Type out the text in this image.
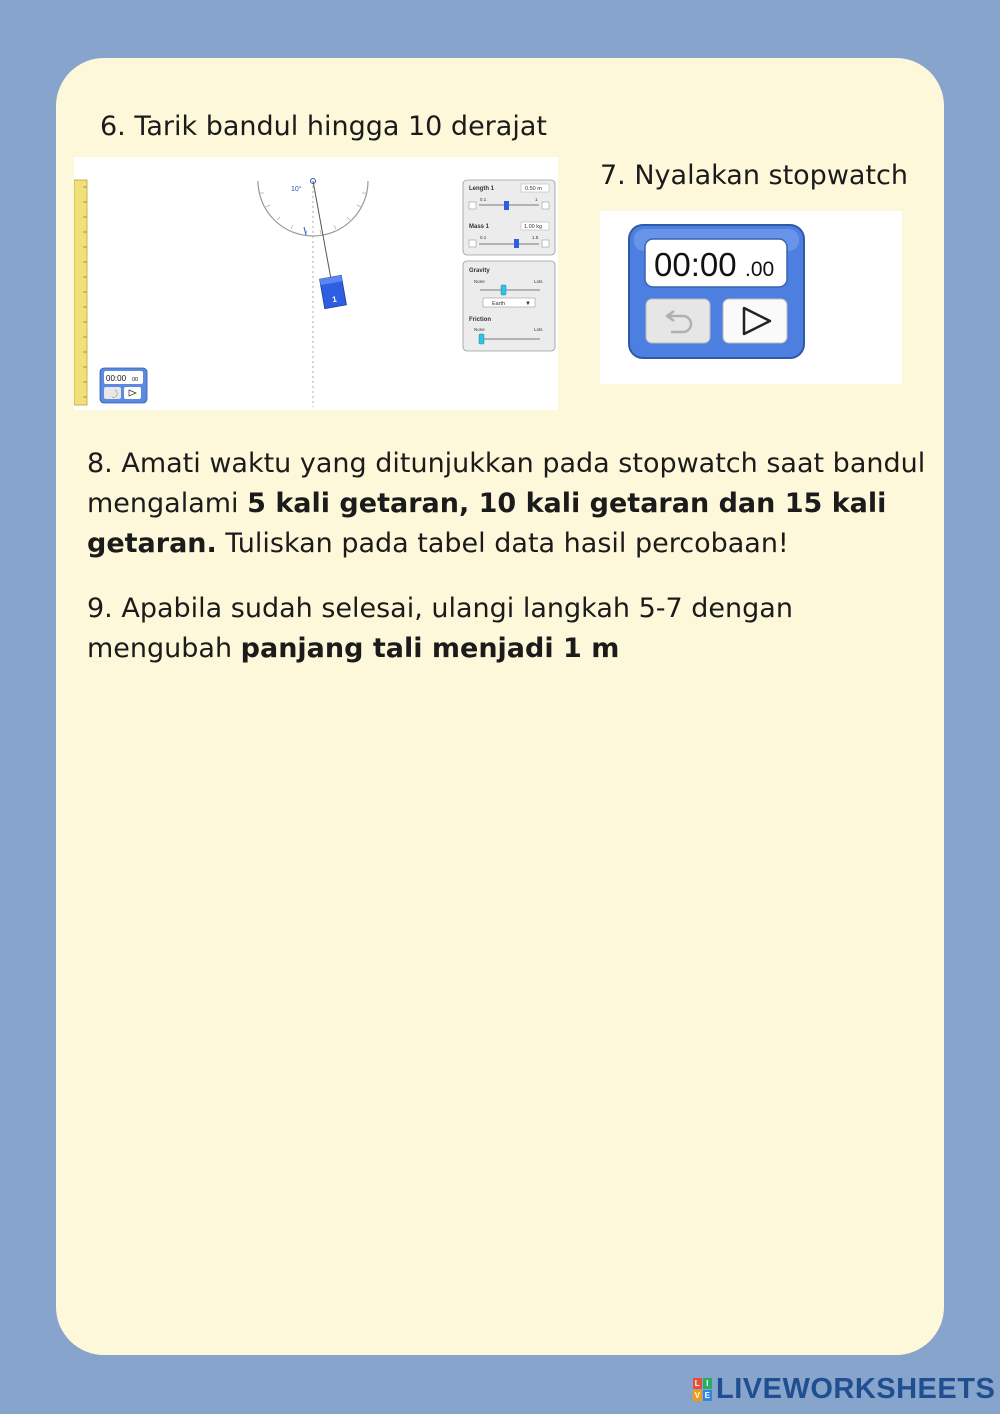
6. Tarik bandul hingga 10 derajat
7. Nyalakan stopwatch
10°
1
Length 1	0.50 m
0.1	1
Mass 1	1.00 kg
0.1	1.5
Gravity
None	Lots
Earth	▼
Friction
None	Lots
00:00 00
00:00 .00
8. Amati waktu yang ditunjukkan pada stopwatch saat bandul mengalami 5 kali getaran, 10 kali getaran dan 15 kali getaran. Tuliskan pada tabel data hasil percobaan!
9. Apabila sudah selesai, ulangi langkah 5-7 dengan mengubah panjang tali menjadi 1 m
L I
V E LIVEWORKSHEETS
